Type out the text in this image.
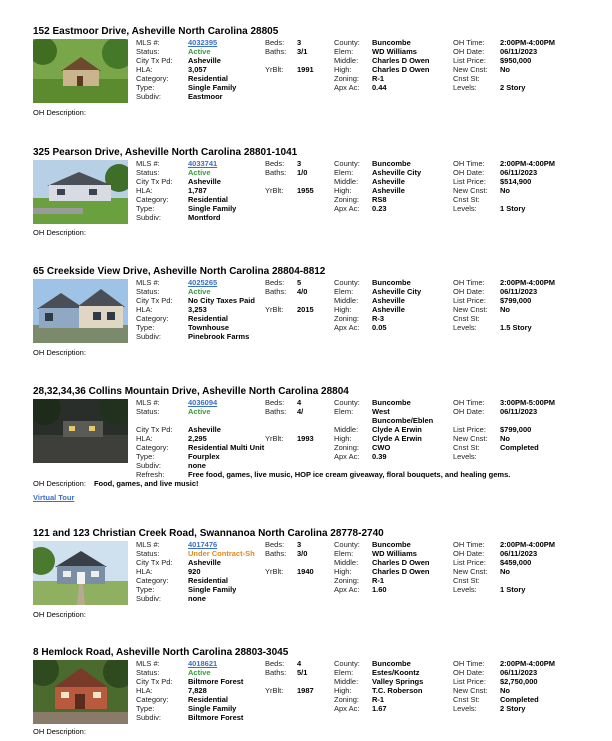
152 Eastmoor Drive, Asheville North Carolina 28805
MLS #:	4032395	Beds: 3	County: Buncombe	OH Time: 2:00PM-4:00PM
Status:	Active	Baths: 3/1	Elem:	WD Williams	OH Date: 06/11/2023
City Tx Pd: Asheville	Middle: Charles D Owen	List Price: $950,000
HLA:	3,057	YrBlt: 1991	High:	Charles D Owen	New Cnst: No
Category:	Residential	Zoning: R-1	Cnst St:
Type:	Single Family	Apx Ac: 0.44	Levels:	2 Story
Subdiv:	Eastmoor
OH Description:
325 Pearson Drive, Asheville North Carolina 28801-1041
MLS #:	4033741	Beds: 3	County: Buncombe	OH Time: 2:00PM-4:00PM
Status:	Active	Baths: 1/0	Elem:	Asheville City	OH Date: 06/11/2023
City Tx Pd: Asheville	Middle: Asheville	List Price: $514,900
HLA:	1,787	YrBlt: 1955	High:	Asheville	New Cnst: No
Category:	Residential	Zoning: RS8	Cnst St:
Type:	Single Family	Apx Ac: 0.23	Levels:	1 Story
Subdiv:	Montford
OH Description:
65 Creekside View Drive, Asheville North Carolina 28804-8812
MLS #:	4025265	Beds: 5	County: Buncombe	OH Time: 2:00PM-4:00PM
Status:	Active	Baths: 4/0	Elem:	Asheville City	OH Date: 06/11/2023
City Tx Pd: No City Taxes Paid	Middle: Asheville	List Price: $799,000
HLA:	3,253	YrBlt: 2015	High:	Asheville	New Cnst: No
Category:	Residential	Zoning: R-3	Cnst St:
Type:	Townhouse	Apx Ac: 0.05	Levels:	1.5 Story
Subdiv:	Pinebrook Farms
OH Description:
28,32,34,36 Collins Mountain Drive, Asheville North Carolina 28804
MLS #:	4036094	Beds: 4	County: Buncombe	OH Time: 3:00PM-5:00PM
Status:	Active	Baths: 4/	Elem:	West	OH Date: 06/11/2023
Buncombe/Eblen
City Tx Pd: Asheville	Middle: Clyde A Erwin	List Price: $799,000
HLA:	2,295	YrBlt: 1993	High:	Clyde A Erwin	New Cnst: No
Category:	Residential Multi Unit	Zoning: CWO	Cnst St:	Completed
Type:	Fourplex	Apx Ac: 0.39	Levels:
Subdiv:	none
Refresh:	Free food, games, live music, HOP ice cream giveaway, floral bouquets, and healing gems.
OH Description: Food, games, and live music!
Virtual Tour
121 and 123 Christian Creek Road, Swannanoa North Carolina 28778-2740
MLS #:	4017476	Beds: 3	County: Buncombe	OH Time: 2:00PM-4:00PM
Status:	Under Contract-Sh	Baths: 3/0	Elem:	WD Williams	OH Date: 06/11/2023
City Tx Pd: Asheville	Middle: Charles D Owen	List Price: $459,000
HLA:	920	YrBlt: 1940	High:	Charles D Owen	New Cnst: No
Category:	Residential	Zoning: R-1	Cnst St:
Type:	Single Family	Apx Ac: 1.60	Levels:	1 Story
Subdiv:	none
OH Description:
8 Hemlock Road, Asheville North Carolina 28803-3045
MLS #:	4018621	Beds: 4	County: Buncombe	OH Time: 2:00PM-4:00PM
Status:	Active	Baths: 5/1	Elem:	Estes/Koontz	OH Date: 06/11/2023
City Tx Pd: Biltmore Forest	Middle: Valley Springs	List Price: $2,750,000
HLA:	7,828	YrBlt: 1987	High:	T.C. Roberson	New Cnst: No
Category:	Residential	Zoning: R-1	Cnst St:	Completed
Type:	Single Family	Apx Ac: 1.67	Levels:	2 Story
Subdiv:	Biltmore Forest
OH Description:
